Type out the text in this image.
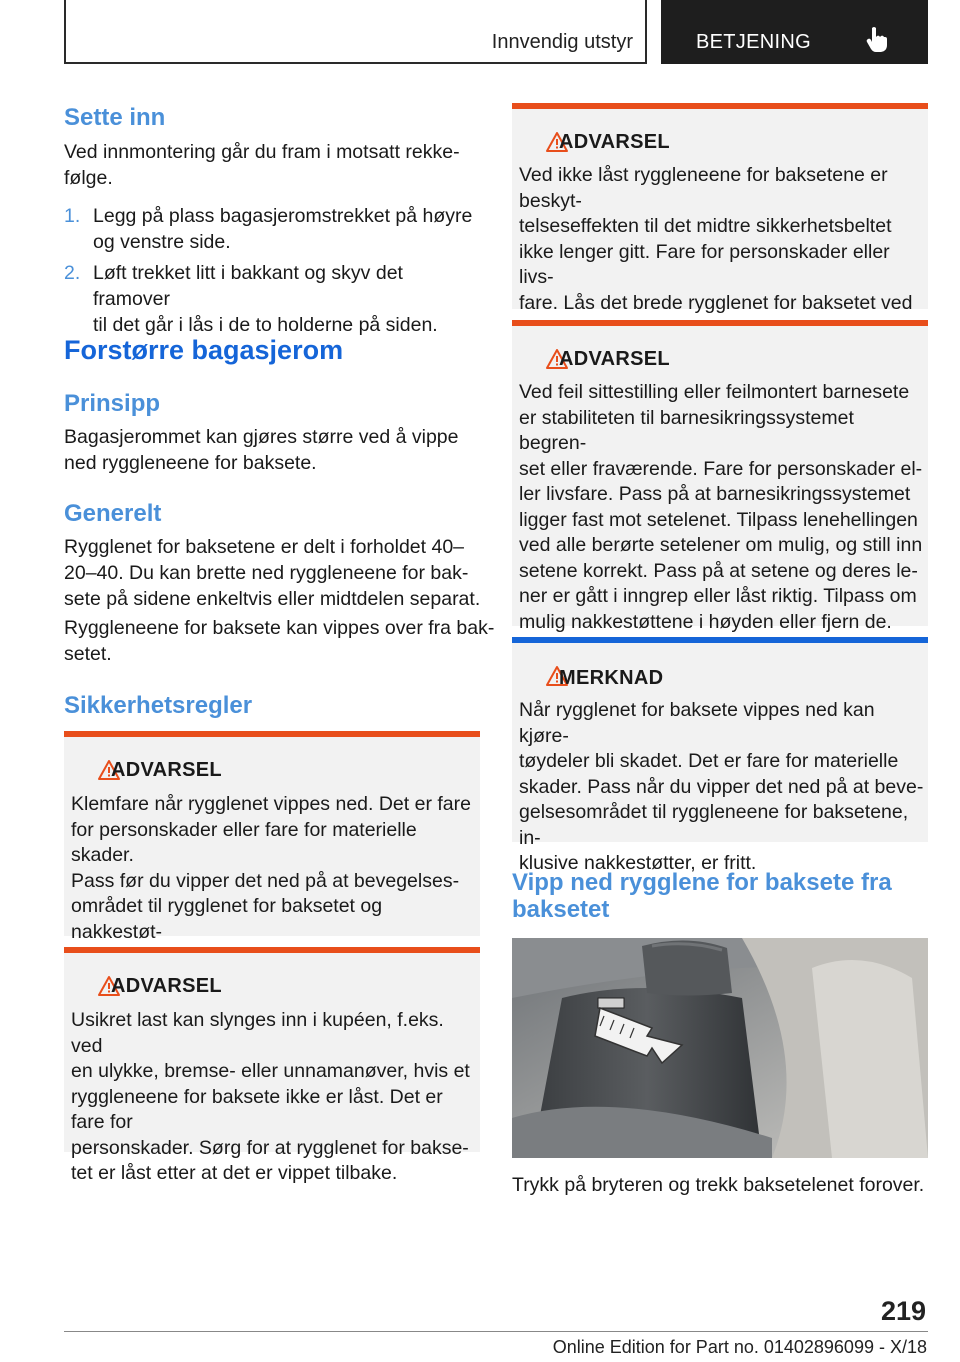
Innvendig utstyr	BETJENING
Sette inn

Ved innmontering går du fram i motsatt rekke-
følge.

1. Legg på plass bagasjeromstrekket på høyre
og venstre side.
2. Løft trekket litt i bakkant og skyv det framover
til det går i lås i de to holderne på siden.
Forstørre bagasjerom
Prinsipp

Bagasjerommet kan gjøres større ved å vippe
ned ryggleneene for baksete.

Generelt

Rygglenet for baksetene er delt i forholdet 40–
20–40. Du kan brette ned ryggleneene for bak-
sete på sidene enkeltvis eller midtdelen separat.

Ryggleneene for baksete kan vippes over fra bak-
setet.

Sikkerhetsregler
ADVARSEL
Klemfare når rygglenet vippes ned. Det er fare
for personskader eller fare for materielle skader.
Pass før du vipper det ned på at bevegelses-
området til rygglenet for baksetet og nakkestøt-

ADVARSEL
Usikret last kan slynges inn i kupéen, f.eks. ved
en ulykke, bremse- eller unnamanøver, hvis et
ryggleneene for baksete ikke er låst. Det er fare for
personskader. Sørg for at rygglenet for bakse-
tet er låst etter at det er vippet tilbake.
ADVARSEL
Ved ikke låst ryggleneene for baksetene er beskyt-
telseseffekten til det midtre sikkerhetsbeltet
ikke lenger gitt. Fare for personskader eller livs-
fare. Lås det brede rygglenet for baksetet ved

ADVARSEL
Ved feil sittestilling eller feilmontert barnesete
er stabiliteten til barnesikringssystemet begren-
set eller fraværende. Fare for personskader el-
ler livsfare. Pass på at barnesikringssystemet
ligger fast mot setelenet. Tilpass lenehellingen
ved alle berørte setelener om mulig, og still inn
setene korrekt. Pass på at setene og deres le-
ner er gått i inngrep eller låst riktig. Tilpass om
mulig nakkestøttene i høyden eller fjern de.
MERKNAD
Når rygglenet for baksete vippes ned kan kjøre-
tøydeler bli skadet. Det er fare for materielle
skader. Pass når du vipper det ned på at beve-
gelsesområdet til ryggleneene for baksetene, in-
klusive nakkestøtter, er fritt.
Vipp ned rygglene for baksete fra
baksetet

Trykk på bryteren og trekk baksetelenet forover.

219
Online Edition for Part no. 01402896099 - X/18
